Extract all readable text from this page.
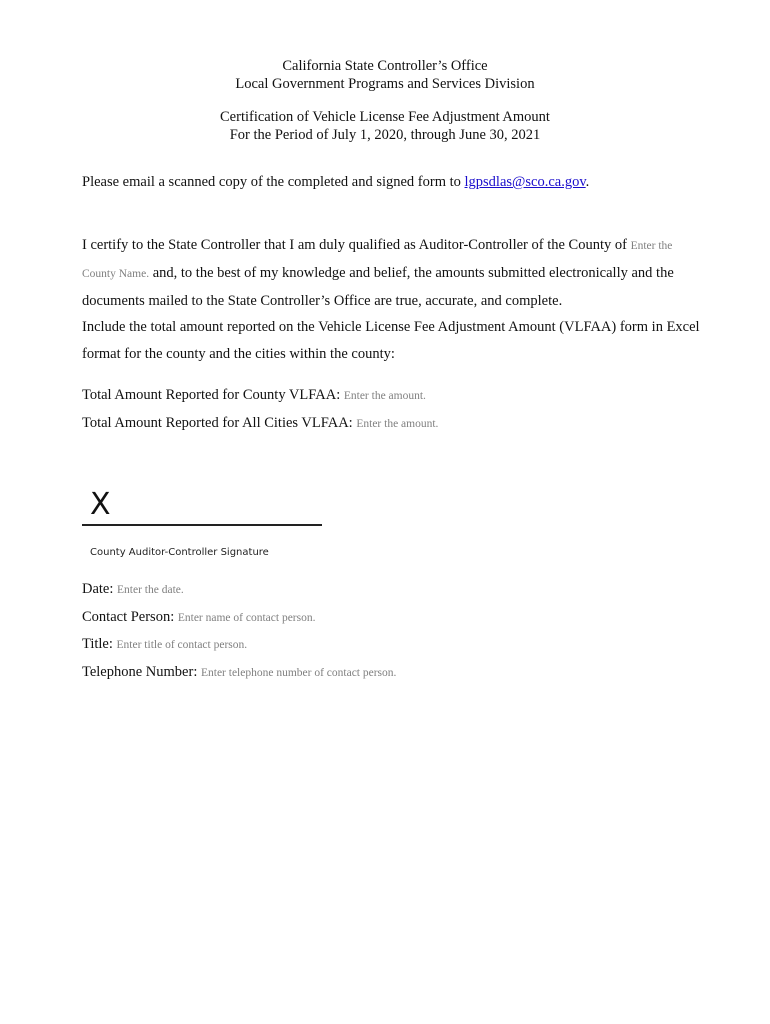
California State Controller’s Office
Local Government Programs and Services Division
Certification of Vehicle License Fee Adjustment Amount
For the Period of July 1, 2020, through June 30, 2021
Please email a scanned copy of the completed and signed form to lgpsdlas@sco.ca.gov.
I certify to the State Controller that I am duly qualified as Auditor-Controller of the County of Enter the County Name. and, to the best of my knowledge and belief, the amounts submitted electronically and the documents mailed to the State Controller’s Office are true, accurate, and complete.
Include the total amount reported on the Vehicle License Fee Adjustment Amount (VLFAA) form in Excel format for the county and the cities within the county:
Total Amount Reported for County VLFAA: Enter the amount.
Total Amount Reported for All Cities VLFAA: Enter the amount.
X
County Auditor-Controller Signature
Date: Enter the date.
Contact Person: Enter name of contact person.
Title: Enter title of contact person.
Telephone Number: Enter telephone number of contact person.
